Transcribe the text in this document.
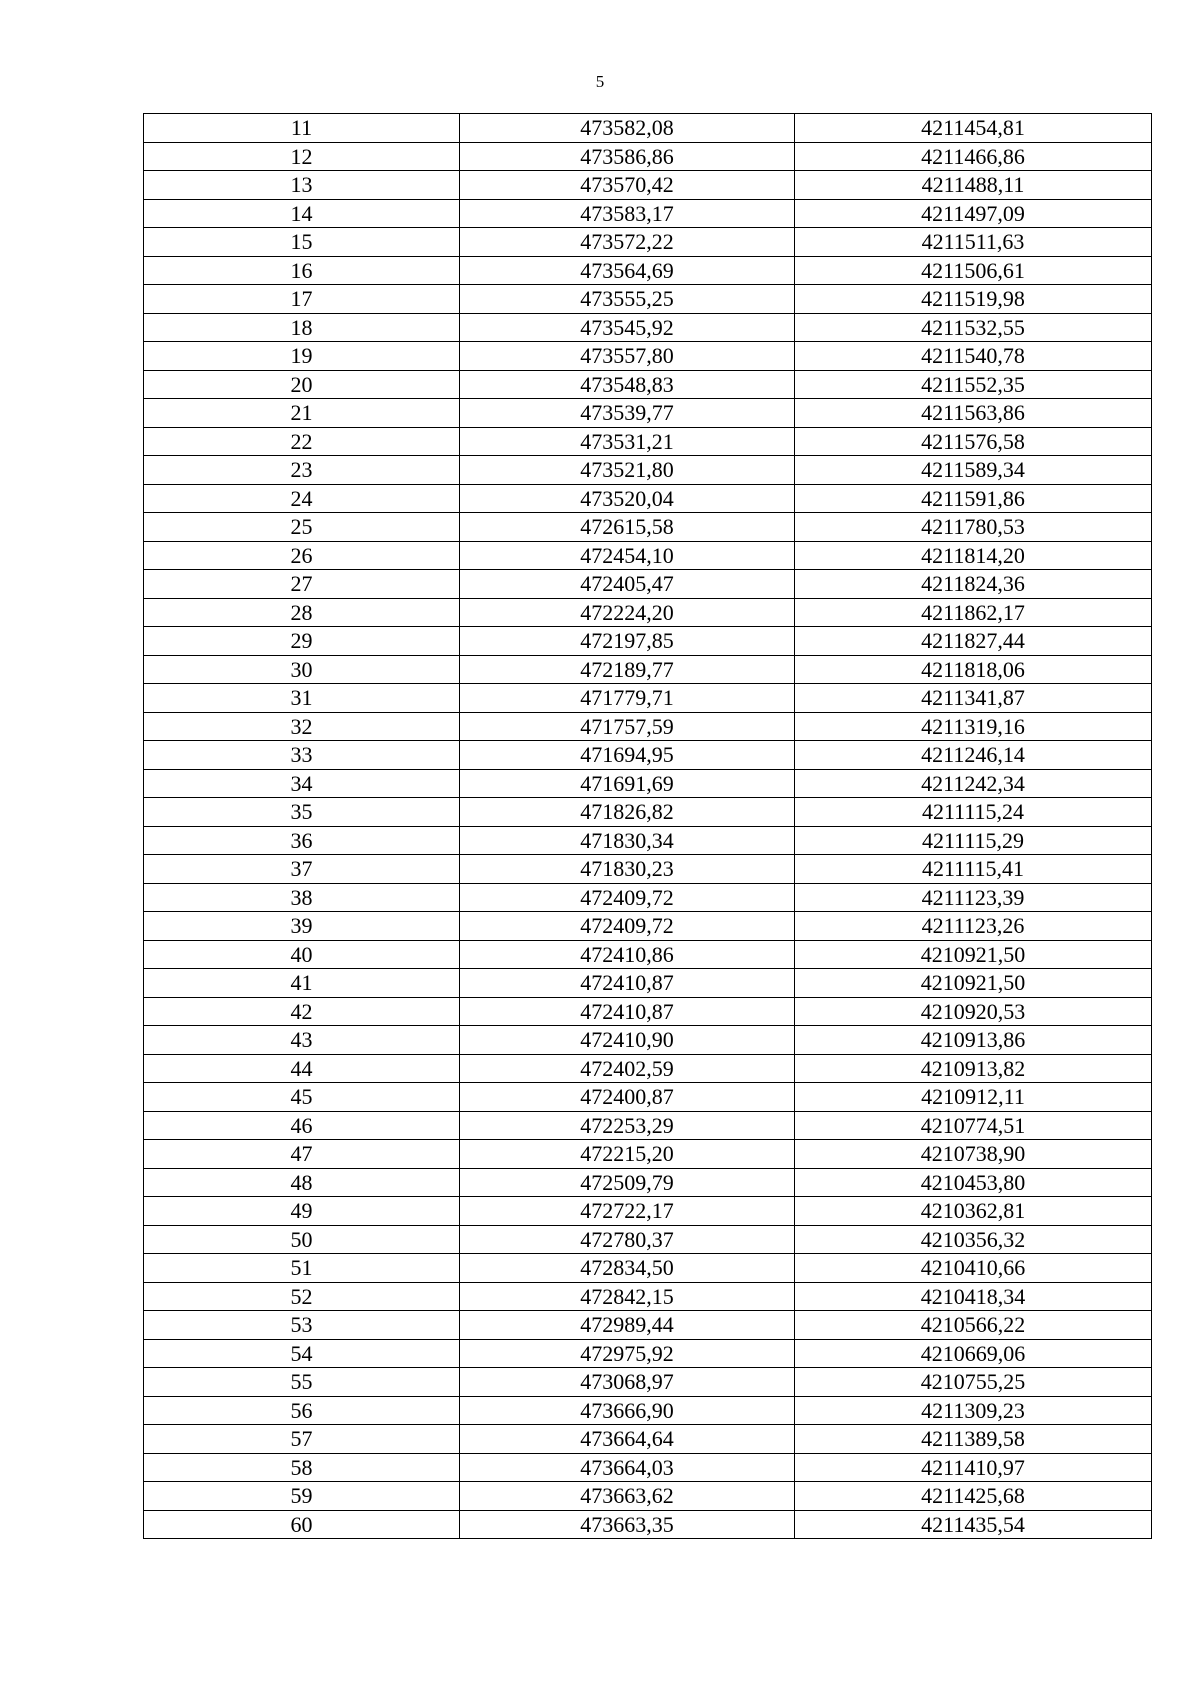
5
11	473582,08	4211454,81
12	473586,86	4211466,86
13	473570,42	4211488,11
14	473583,17	4211497,09
15	473572,22	4211511,63
16	473564,69	4211506,61
17	473555,25	4211519,98
18	473545,92	4211532,55
19	473557,80	4211540,78
20	473548,83	4211552,35
21	473539,77	4211563,86
22	473531,21	4211576,58
23	473521,80	4211589,34
24	473520,04	4211591,86
25	472615,58	4211780,53
26	472454,10	4211814,20
27	472405,47	4211824,36
28	472224,20	4211862,17
29	472197,85	4211827,44
30	472189,77	4211818,06
31	471779,71	4211341,87
32	471757,59	4211319,16
33	471694,95	4211246,14
34	471691,69	4211242,34
35	471826,82	4211115,24
36	471830,34	4211115,29
37	471830,23	4211115,41
38	472409,72	4211123,39
39	472409,72	4211123,26
40	472410,86	4210921,50
41	472410,87	4210921,50
42	472410,87	4210920,53
43	472410,90	4210913,86
44	472402,59	4210913,82
45	472400,87	4210912,11
46	472253,29	4210774,51
47	472215,20	4210738,90
48	472509,79	4210453,80
49	472722,17	4210362,81
50	472780,37	4210356,32
51	472834,50	4210410,66
52	472842,15	4210418,34
53	472989,44	4210566,22
54	472975,92	4210669,06
55	473068,97	4210755,25
56	473666,90	4211309,23
57	473664,64	4211389,58
58	473664,03	4211410,97
59	473663,62	4211425,68
60	473663,35	4211435,54
